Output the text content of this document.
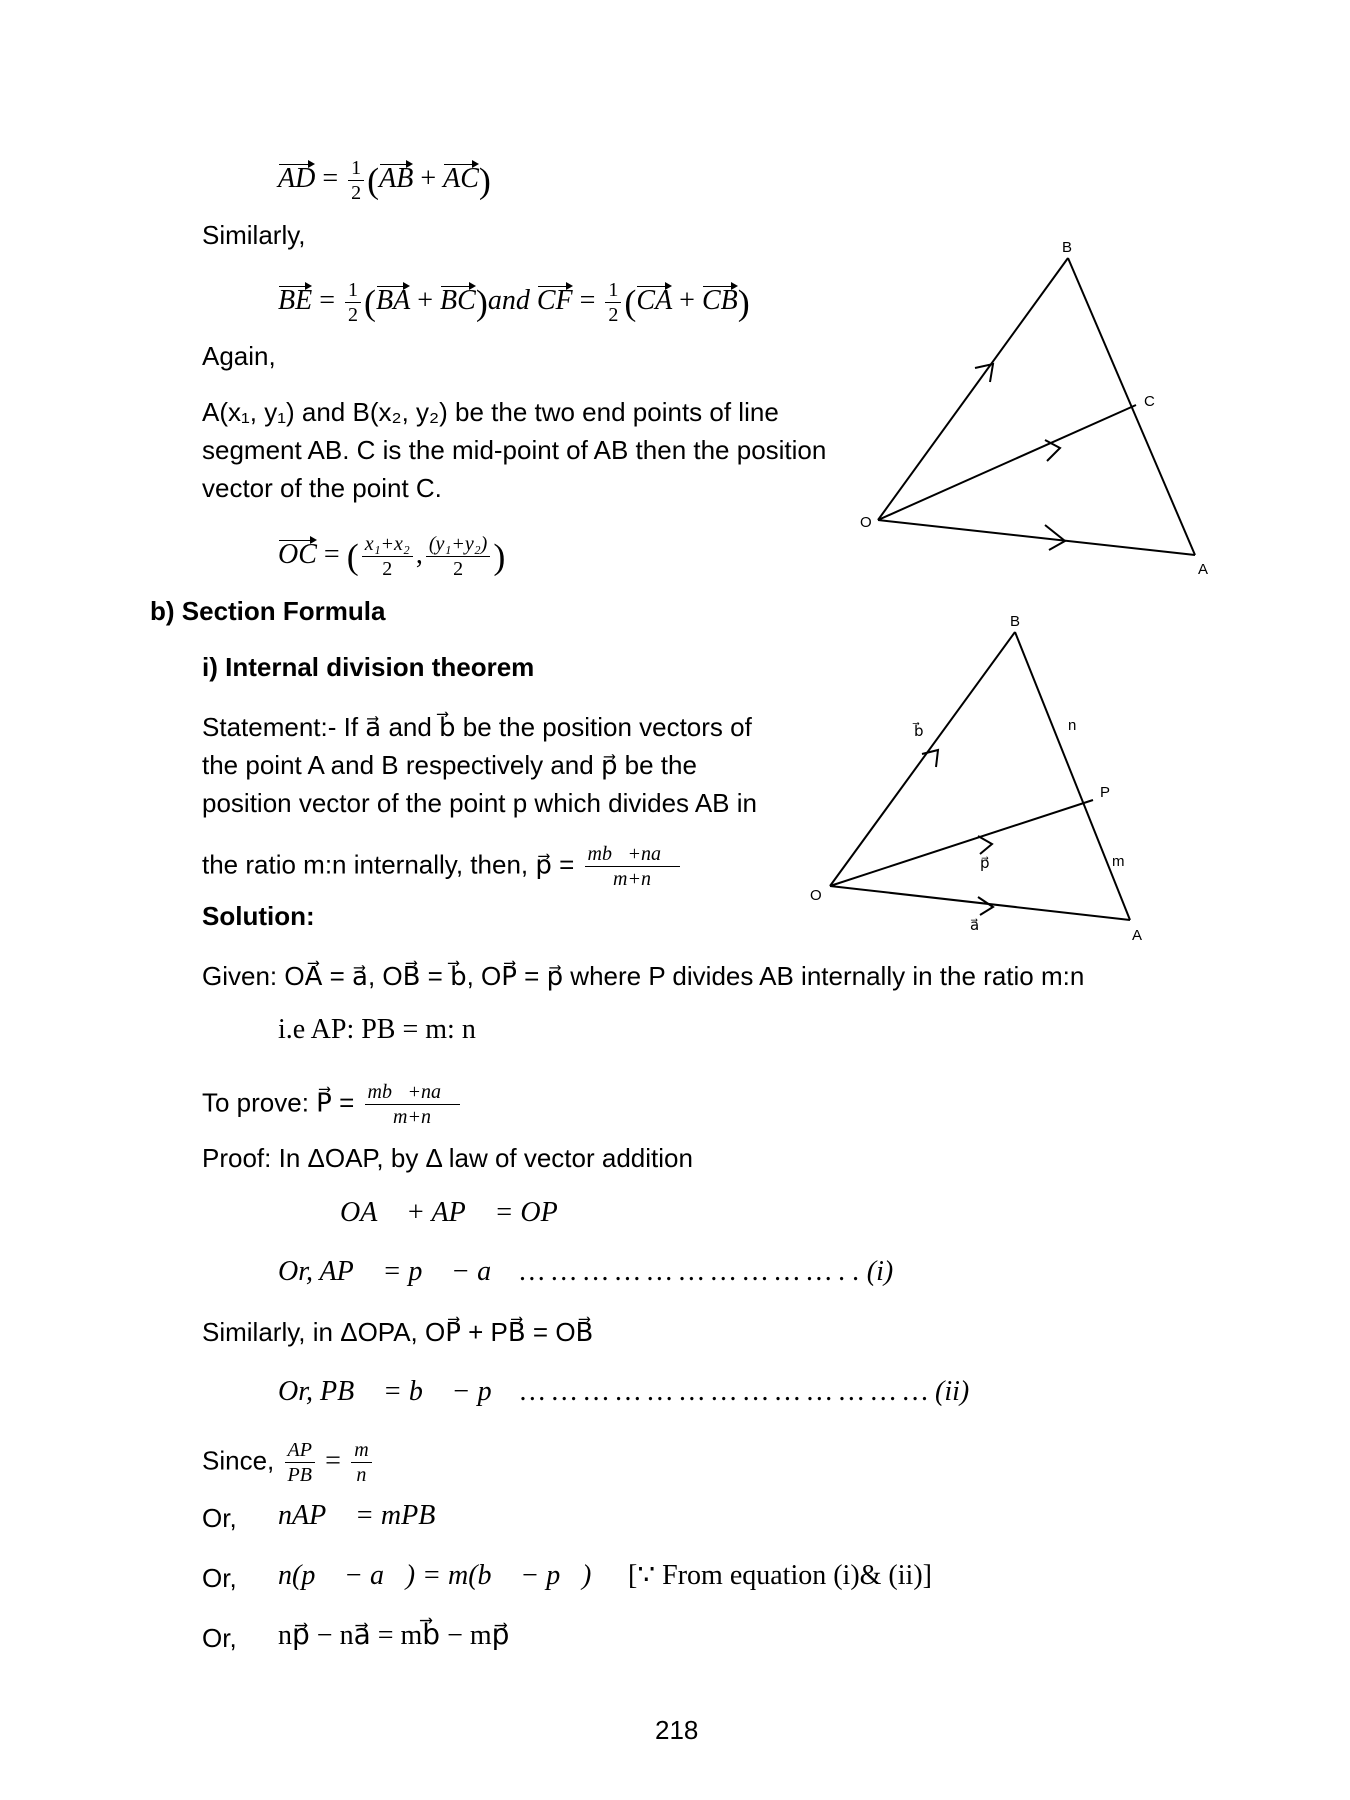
AD = $\frac{1}{2} (AB + AC)$
Similarly,
BE = $\frac{1}{2} (BA + BC)and$ CF = $\frac{1}{2} (CA + CB)$
Again,
A(x₁, y₁) and B(x₂, y₂) be the two end points of line
segment AB. C is the mid-point of AB then the position
vector of the point C.
OC = ( $\frac{\text{x₁+x₂}}{2}$ , $\frac{\text{(y₁+y₂)}}{2}$ )
B
C
O
A
b) Section Formula
i) Internal division theorem
Statement:- If a⃗ and b⃗ be the position vectors of
the point A and B respectively and p⃗ be the
position vector of the point p which divides AB in
the ratio m:n internally, then, p⃗ = $\frac{mb⃗+na⃗}{m+n}$
B
n
P
m
O
A
b⃗
p⃗
a⃗
Solution:
Given: OA⃗ = a⃗, OB⃗ = b⃗, OP⃗ = p⃗ where P divides AB internally in the ratio m:n
i.e AP: PB = m: n
To prove: P⃗ = $\frac{mb⃗+na⃗}{m+n}$
Proof: In ΔOAP, by Δ law of vector addition
OA⃗ + AP⃗ = OP⃗
Or, AP⃗ = p⃗ − a⃗ … … … … … … … … … … . . (i)
Similarly, in ΔOPA, OP⃗ + PB⃗ = OB⃗
Or, PB⃗ = b⃗ − p⃗ … … … … … … … … … … … … … (ii)
Since, $\frac{AP}{PB} = \frac{m}{n}$
Or, nAP⃗ = mPB⃗
Or, n(p⃗ − a⃗) = m(b⃗ − p⃗) [∵ From equation (i)& (ii)]
Or, np⃗ − na⃗ = mb⃗ − mp⃗
218
